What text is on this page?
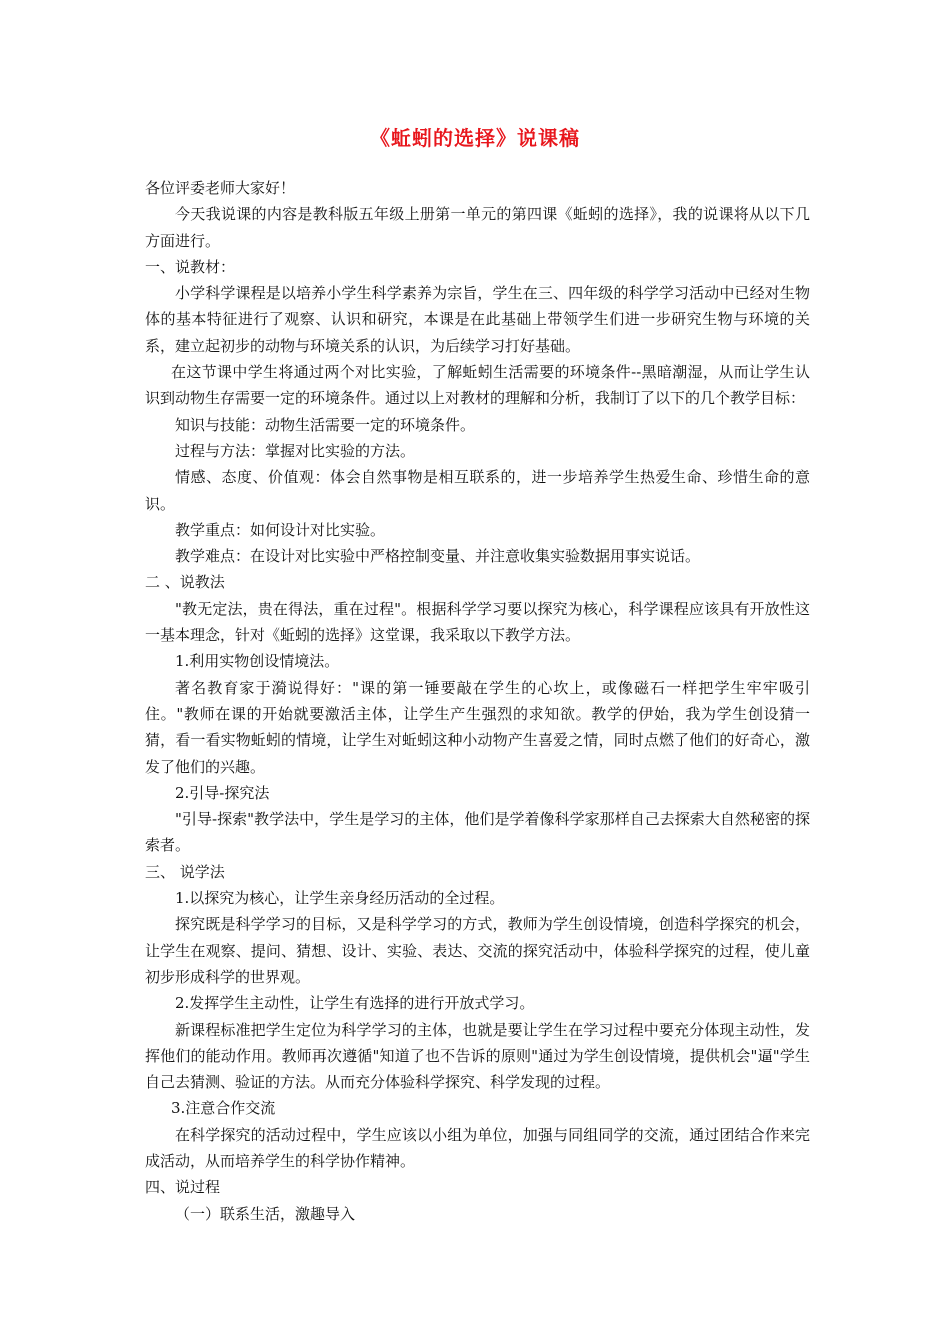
《蚯蚓的选择》说课稿

各位评委老师大家好！

今天我说课的内容是教科版五年级上册第一单元的第四课《蚯蚓的选择》，我的说课将从以下几方面进行。

一、说教材：

小学科学课程是以培养小学生科学素养为宗旨，学生在三、四年级的科学学习活动中已经对生物体的基本特征进行了观察、认识和研究，本课是在此基础上带领学生们进一步研究生物与环境的关系，建立起初步的动物与环境关系的认识，为后续学习打好基础。

在这节课中学生将通过两个对比实验，了解蚯蚓生活需要的环境条件--黑暗潮湿，从而让学生认识到动物生存需要一定的环境条件。通过以上对教材的理解和分析，我制订了以下的几个教学目标：

知识与技能：动物生活需要一定的环境条件。

过程与方法：掌握对比实验的方法。

情感、态度、价值观：体会自然事物是相互联系的，进一步培养学生热爱生命、珍惜生命的意识。

教学重点：如何设计对比实验。

教学难点：在设计对比实验中严格控制变量、并注意收集实验数据用事实说话。

二 、说教法

"教无定法，贵在得法，重在过程"。根据科学学习要以探究为核心，科学课程应该具有开放性这一基本理念，针对《蚯蚓的选择》这堂课，我采取以下教学方法。

1.利用实物创设情境法。

著名教育家于漪说得好："课的第一锤要敲在学生的心坎上，或像磁石一样把学生牢牢吸引住。"教师在课的开始就要激活主体，让学生产生强烈的求知欲。教学的伊始，我为学生创设猜一猜，看一看实物蚯蚓的情境，让学生对蚯蚓这种小动物产生喜爱之情，同时点燃了他们的好奇心，激发了他们的兴趣。

2.引导-探究法

"引导-探索"教学法中，学生是学习的主体，他们是学着像科学家那样自己去探索大自然秘密的探索者。

三、 说学法

1.以探究为核心，让学生亲身经历活动的全过程。

探究既是科学学习的目标，又是科学学习的方式，教师为学生创设情境，创造科学探究的机会，让学生在观察、提问、猜想、设计、实验、表达、交流的探究活动中，体验科学探究的过程，使儿童初步形成科学的世界观。

2.发挥学生主动性，让学生有选择的进行开放式学习。

新课程标准把学生定位为科学学习的主体，也就是要让学生在学习过程中要充分体现主动性，发挥他们的能动作用。教师再次遵循"知道了也不告诉的原则"通过为学生创设情境，提供机会"逼"学生自己去猜测、验证的方法。从而充分体验科学探究、科学发现的过程。

3.注意合作交流

在科学探究的活动过程中，学生应该以小组为单位，加强与同组同学的交流，通过团结合作来完成活动，从而培养学生的科学协作精神。

四、说过程

（一）联系生活，激趣导入
